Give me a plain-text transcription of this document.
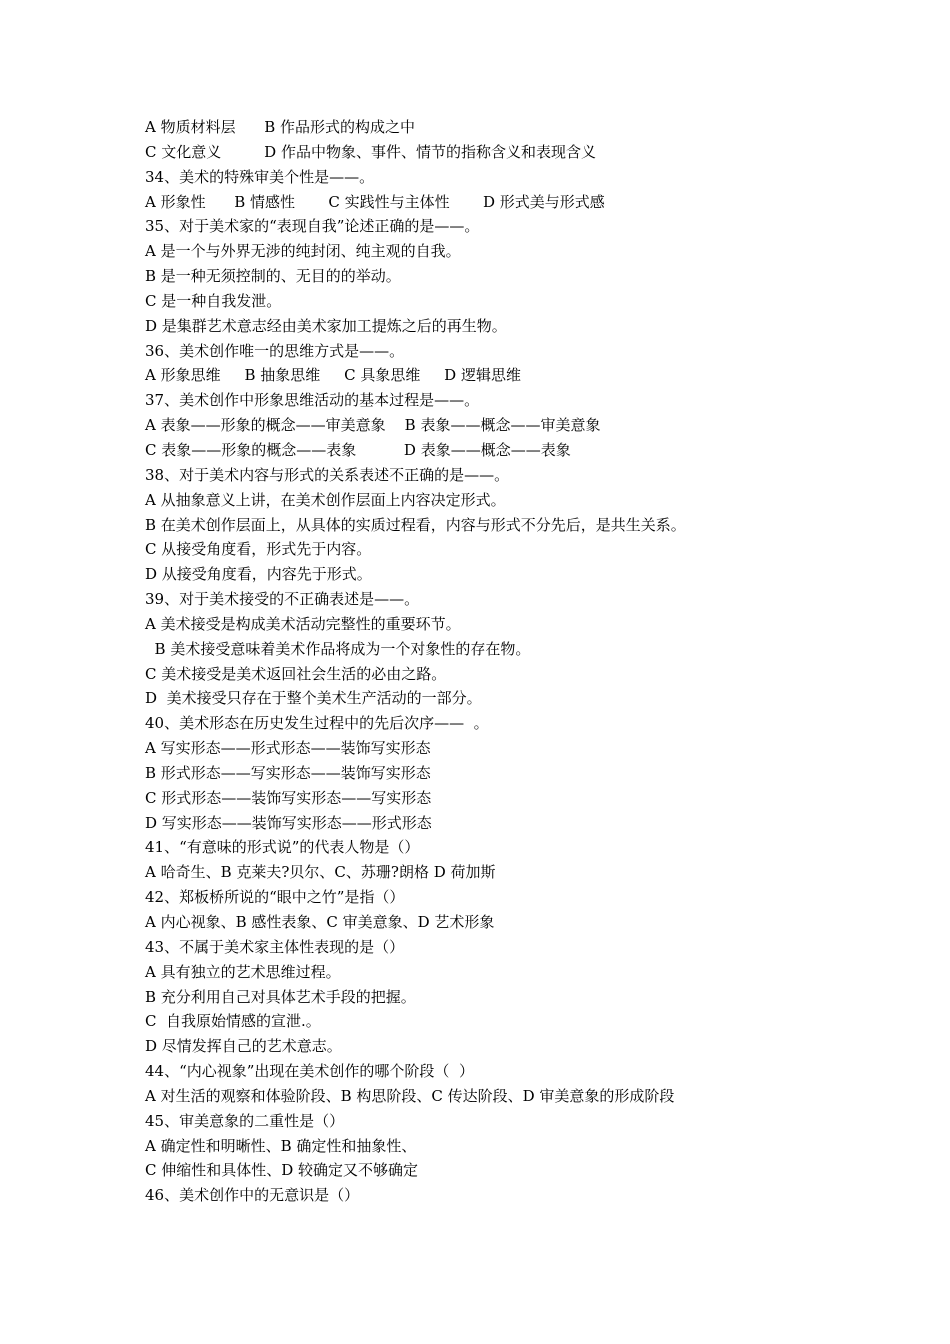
A 物质材料层      B 作品形式的构成之中
C 文化意义         D 作品中物象、事件、情节的指称含义和表现含义
34、美术的特殊审美个性是——。
A 形象性      B 情感性       C 实践性与主体性       D 形式美与形式感
35、对于美术家的“表现自我”论述正确的是——。
A 是一个与外界无涉的纯封闭、纯主观的自我。
B 是一种无须控制的、无目的的举动。
C 是一种自我发泄。
D 是集群艺术意志经由美术家加工提炼之后的再生物。
36、美术创作唯一的思维方式是——。
A 形象思维     B 抽象思维     C 具象思维     D 逻辑思维
37、美术创作中形象思维活动的基本过程是——。
A 表象——形象的概念——审美意象    B 表象——概念——审美意象
C 表象——形象的概念——表象          D 表象——概念——表象
38、对于美术内容与形式的关系表述不正确的是——。
A 从抽象意义上讲，在美术创作层面上内容决定形式。
B 在美术创作层面上，从具体的实质过程看，内容与形式不分先后，是共生关系。
C 从接受角度看，形式先于内容。
D 从接受角度看，内容先于形式。
39、对于美术接受的不正确表述是——。
A 美术接受是构成美术活动完整性的重要环节。
B 美术接受意味着美术作品将成为一个对象性的存在物。
C 美术接受是美术返回社会生活的必由之路。
D  美术接受只存在于整个美术生产活动的一部分。
40、美术形态在历史发生过程中的先后次序——  。
A 写实形态——形式形态——装饰写实形态
B 形式形态——写实形态——装饰写实形态
C 形式形态——装饰写实形态——写实形态
D 写实形态——装饰写实形态——形式形态
41、“有意味的形式说”的代表人物是（）
A 哈奇生、B 克莱夫?贝尔、C、苏珊?朗格 D 荷加斯
42、郑板桥所说的“眼中之竹”是指（）
A 内心视象、B 感性表象、C 审美意象、D 艺术形象
43、不属于美术家主体性表现的是（）
A 具有独立的艺术思维过程。
B 充分利用自己对具体艺术手段的把握。
C  自我原始情感的宣泄.。
D 尽情发挥自己的艺术意志。
44、“内心视象”出现在美术创作的哪个阶段（  ）
A 对生活的观察和体验阶段、B 构思阶段、C 传达阶段、D 审美意象的形成阶段
45、审美意象的二重性是（）
A 确定性和明晰性、B 确定性和抽象性、
C 伸缩性和具体性、D 较确定又不够确定
46、美术创作中的无意识是（）
